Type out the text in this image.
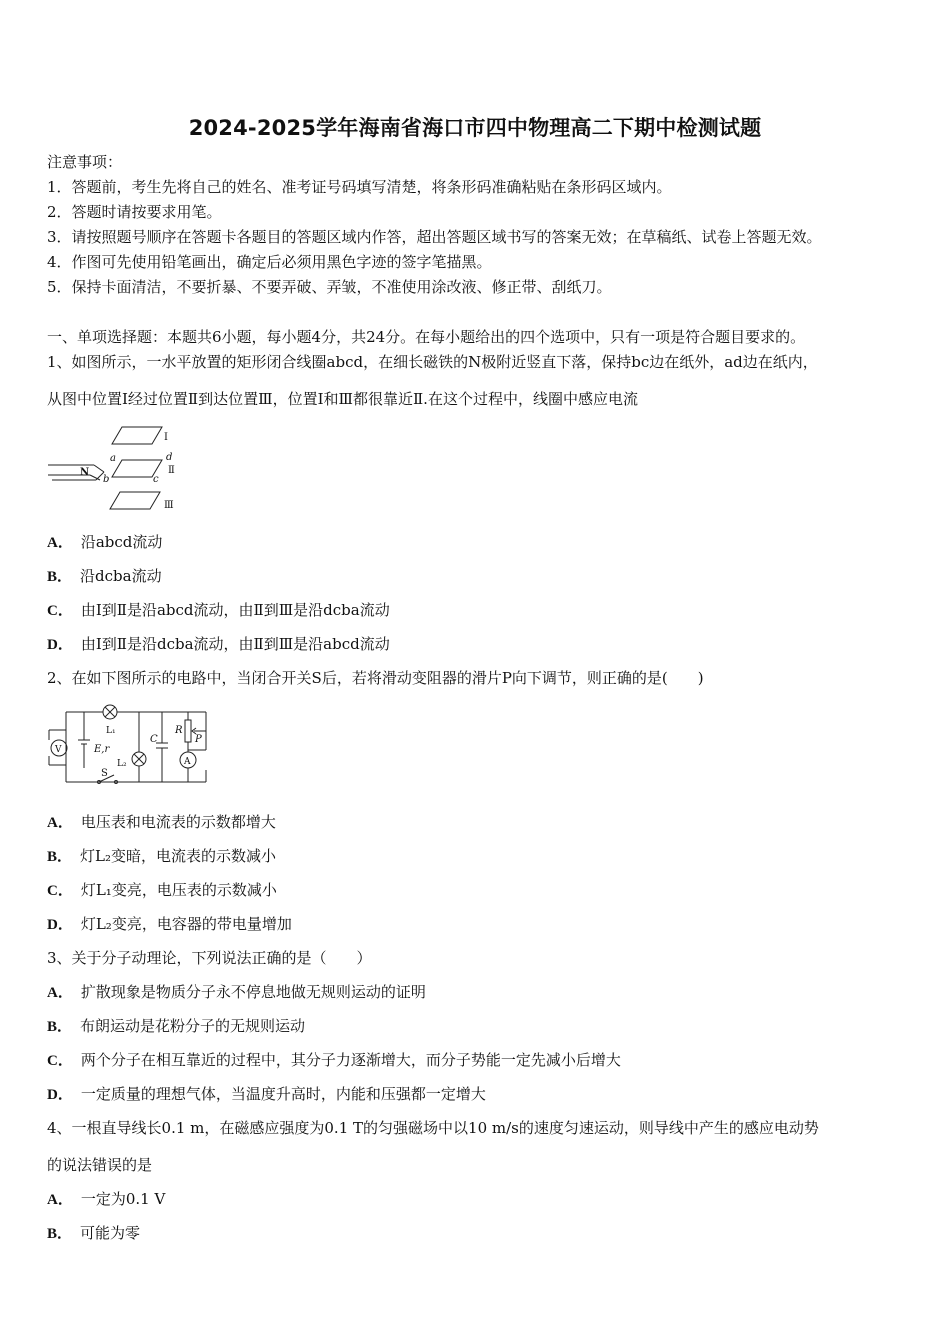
2024-2025学年海南省海口市四中物理高二下期中检测试题
注意事项：
1．答题前，考生先将自己的姓名、准考证号码填写清楚，将条形码准确粘贴在条形码区域内。
2．答题时请按要求用笔。
3．请按照题号顺序在答题卡各题目的答题区域内作答，超出答题区域书写的答案无效；在草稿纸、试卷上答题无效。
4．作图可先使用铅笔画出，确定后必须用黑色字迹的签字笔描黑。
5．保持卡面清洁，不要折暴、不要弄破、弄皱，不准使用涂改液、修正带、刮纸刀。
一、单项选择题：本题共6小题，每小题4分，共24分。在每小题给出的四个选项中，只有一项是符合题目要求的。
1、如图所示，一水平放置的矩形闭合线圈abcd，在细长磁铁的N极附近竖直下落，保持bc边在纸外，ad边在纸内，
从图中位置Ⅰ经过位置Ⅱ到达位置Ⅲ，位置Ⅰ和Ⅲ都很靠近Ⅱ.在这个过程中，线圈中感应电流
N
a
b	c
d
Ⅰ
Ⅱ
Ⅲ
A． 沿abcd流动
B． 沿dcba流动
C． 由Ⅰ到Ⅱ是沿abcd流动，由Ⅱ到Ⅲ是沿dcba流动
D． 由Ⅰ到Ⅱ是沿dcba流动，由Ⅱ到Ⅲ是沿abcd流动
2、在如下图所示的电路中，当闭合开关S后，若将滑动变阻器的滑片P向下调节，则正确的是(　　)
V
A
E,r
S
L₁
L₂
C
R
P
A． 电压表和电流表的示数都增大
B． 灯L₂变暗，电流表的示数减小
C． 灯L₁变亮，电压表的示数减小
D． 灯L₂变亮，电容器的带电量增加
3、关于分子动理论，下列说法正确的是（　　）
A． 扩散现象是物质分子永不停息地做无规则运动的证明
B． 布朗运动是花粉分子的无规则运动
C． 两个分子在相互靠近的过程中，其分子力逐渐增大，而分子势能一定先减小后增大
D． 一定质量的理想气体，当温度升高时，内能和压强都一定增大
4、一根直导线长0.1 m，在磁感应强度为0.1 T的匀强磁场中以10 m/s的速度匀速运动，则导线中产生的感应电动势
的说法错误的是
A． 一定为0.1 V
B． 可能为零
